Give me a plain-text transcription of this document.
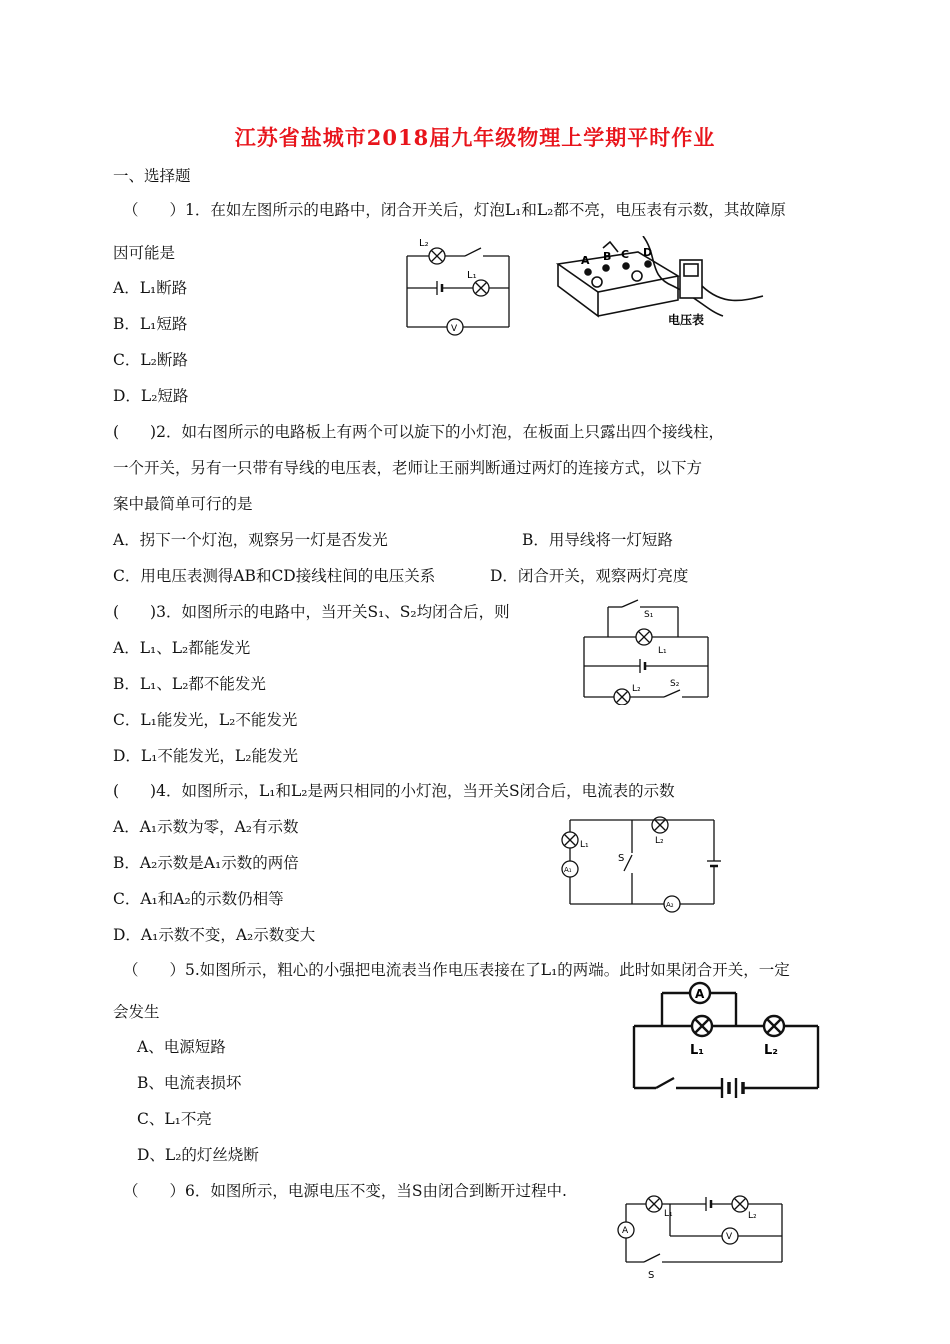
江苏省盐城市2018届九年级物理上学期平时作业
一、选择题
（　　）1．在如左图所示的电路中，闭合开关后，灯泡L₁和L₂都不亮，电压表有示数，其故障原
因可能是
A．L₁断路
B．L₁短路
C．L₂断路
D．L₂短路
L₂
L₁
V
A B C D
电压表
(　　)2．如右图所示的电路板上有两个可以旋下的小灯泡，在板面上只露出四个接线柱，
一个开关，另有一只带有导线的电压表，老师让王丽判断通过两灯的连接方式，以下方
案中最简单可行的是
A．拐下一个灯泡，观察另一灯是否发光	B．用导线将一灯短路
C．用电压表测得AB和CD接线柱间的电压关系	D．闭合开关，观察两灯亮度
(　　)3．如图所示的电路中，当开关S₁、S₂均闭合后，则
A．L₁、L₂都能发光
B．L₁、L₂都不能发光
C．L₁能发光，L₂不能发光
D．L₁不能发光，L₂能发光
S₁
L₁
L₂	S₂
(　　)4．如图所示，L₁和L₂是两只相同的小灯泡，当开关S闭合后，电流表的示数
A．A₁示数为零，A₂有示数
B．A₂示数是A₁示数的两倍
C．A₁和A₂的示数仍相等
D．A₁示数不变，A₂示数变大
L₁	L₂
S
A₁
A₂
（　　）5.如图所示，粗心的小强把电流表当作电压表接在了L₁的两端。此时如果闭合开关，一定
会发生
A、电源短路
B、电流表损坏
C、L₁不亮
D、L₂的灯丝烧断
A
L₁	L₂
（　　）6．如图所示，电源电压不变，当S由闭合到断开过程中.
A
L₁	L₂
V
S
